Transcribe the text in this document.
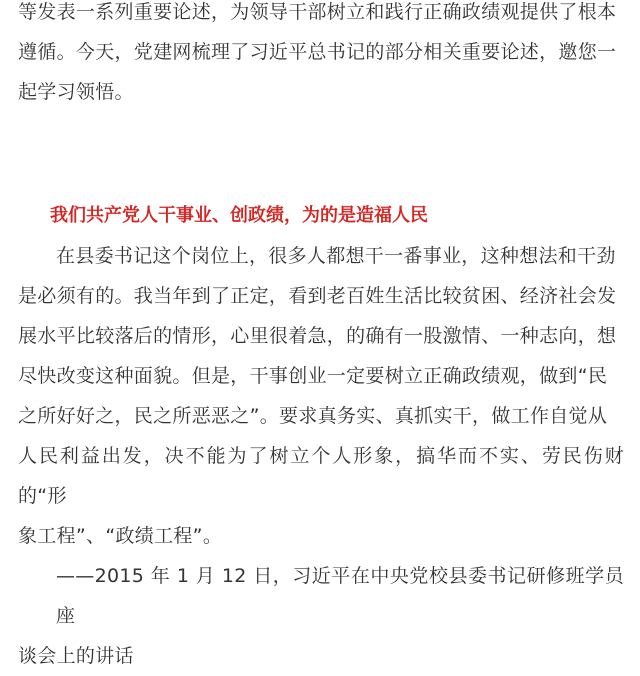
等发表一系列重要论述，为领导干部树立和践行正确政绩观提供了根本

遵循。今天，党建网梳理了习近平总书记的部分相关重要论述，邀您一

起学习领悟。

我们共产党人干事业、创政绩，为的是造福人民

在县委书记这个岗位上，很多人都想干一番事业，这种想法和干劲

是必须有的。我当年到了正定，看到老百姓生活比较贫困、经济社会发

展水平比较落后的情形，心里很着急，的确有一股激情、一种志向，想

尽快改变这种面貌。但是，干事创业一定要树立正确政绩观，做到“民

之所好好之，民之所恶恶之”。要求真务实、真抓实干，做工作自觉从

人民利益出发，决不能为了树立个人形象，搞华而不实、劳民伤财的“形

象工程”、“政绩工程”。

——2015 年 1 月 12 日，习近平在中央党校县委书记研修班学员座

谈会上的讲话
